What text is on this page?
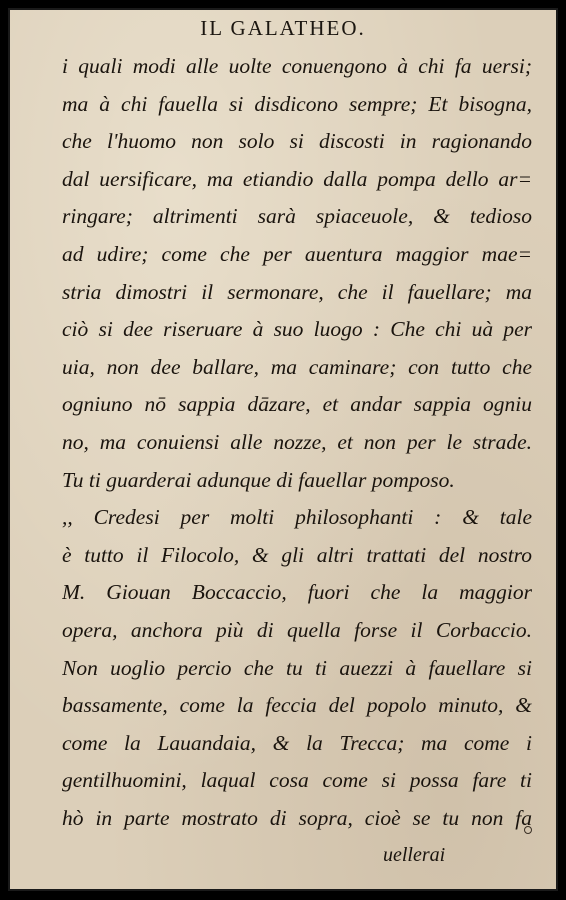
IL GALATHEO.
i quali modi alle uolte conuengono à chi fa uersi;
ma à chi fauella si disdicono sempre; Et bisogna,
che l'huomo non solo si discosti in ragionando
dal uersificare, ma etiandio dalla pompa dello ar=
ringare; altrimenti sarà spiaceuole, & tedioso
ad udire; come che per auentura maggior mae=
stria dimostri il sermonare, che il fauellare; ma
ciò si dee riseruare à suo luogo : Che chi uà per
uia, non dee ballare, ma caminare; con tutto che
ogniuno nō sappia dāzare, et andar sappia ogniu
no, ma conuiensi alle nozze, et non per le strade.
Tu ti guarderai adunque di fauellar pomposo.
,, Credesi per molti philosophanti : & tale
è tutto il Filocolo, & gli altri trattati del nostro
M. Giouan Boccaccio, fuori che la maggior
opera, anchora più di quella forse il Corbaccio.
Non uoglio percio che tu ti auezzi à fauellare si
bassamente, come la feccia del popolo minuto, &
come la Lauandaia, & la Trecca; ma come i
gentilhuomini, laqual cosa come si possa fare ti
hò in parte mostrato di sopra, cioè se tu non fa
uellerai
